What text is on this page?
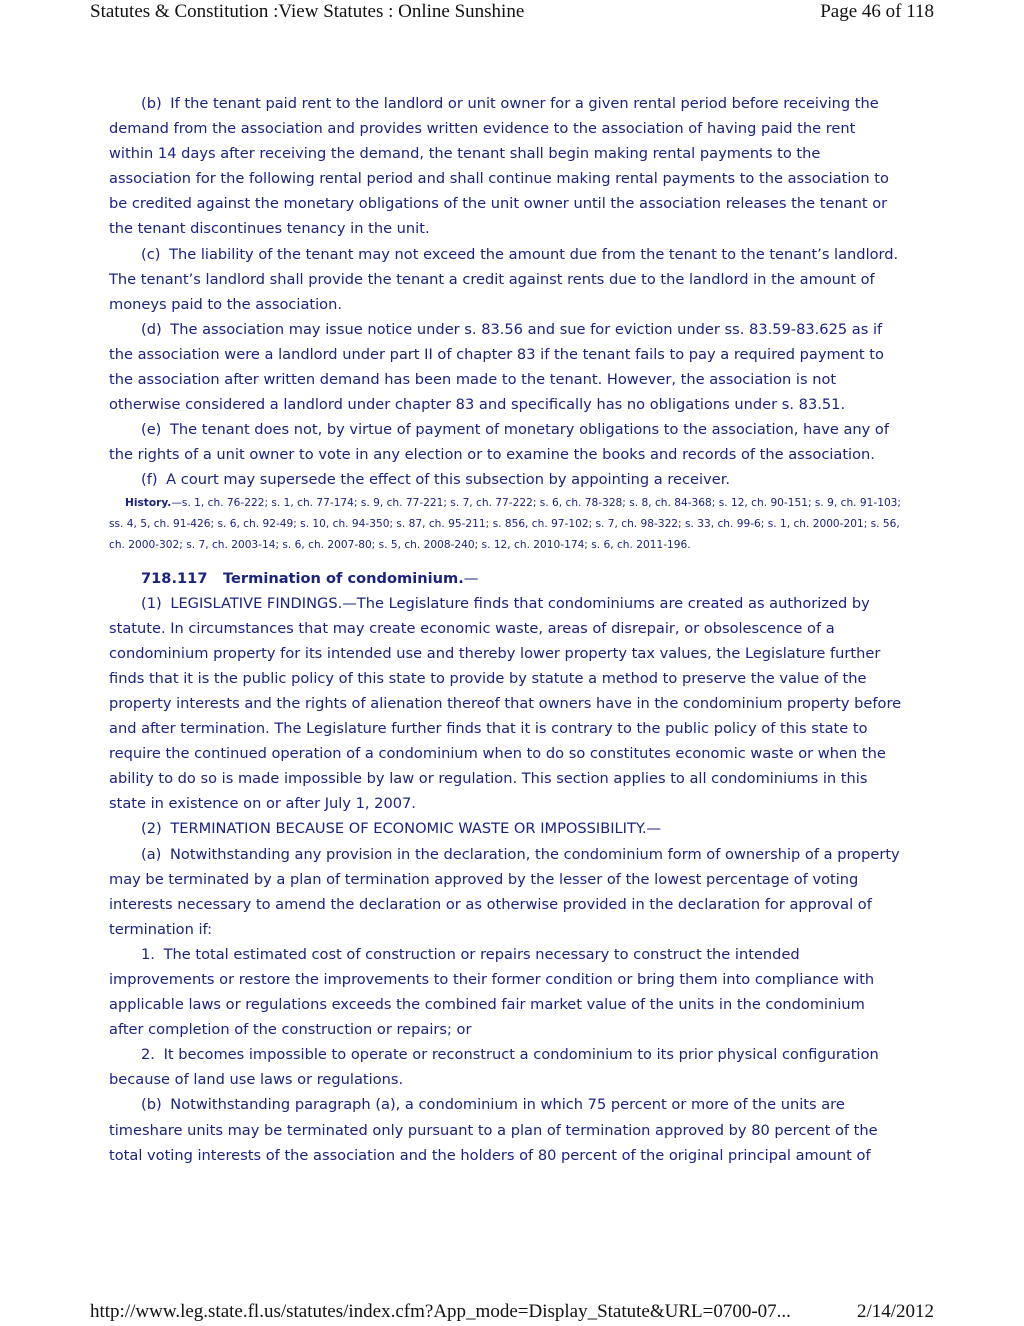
Statutes & Constitution :View Statutes : Online Sunshine	Page 46 of 118

(b) If the tenant paid rent to the landlord or unit owner for a given rental period before receiving the demand from the association and provides written evidence to the association of having paid the rent within 14 days after receiving the demand, the tenant shall begin making rental payments to the association for the following rental period and shall continue making rental payments to the association to be credited against the monetary obligations of the unit owner until the association releases the tenant or the tenant discontinues tenancy in the unit.

(c) The liability of the tenant may not exceed the amount due from the tenant to the tenant’s landlord. The tenant’s landlord shall provide the tenant a credit against rents due to the landlord in the amount of moneys paid to the association.

(d) The association may issue notice under s. 83.56 and sue for eviction under ss. 83.59-83.625 as if the association were a landlord under part II of chapter 83 if the tenant fails to pay a required payment to the association after written demand has been made to the tenant. However, the association is not otherwise considered a landlord under chapter 83 and specifically has no obligations under s. 83.51.

(e) The tenant does not, by virtue of payment of monetary obligations to the association, have any of the rights of a unit owner to vote in any election or to examine the books and records of the association.

(f) A court may supersede the effect of this subsection by appointing a receiver.

History.—s. 1, ch. 76-222; s. 1, ch. 77-174; s. 9, ch. 77-221; s. 7, ch. 77-222; s. 6, ch. 78-328; s. 8, ch. 84-368; s. 12, ch. 90-151; s. 9, ch. 91-103; ss. 4, 5, ch. 91-426; s. 6, ch. 92-49; s. 10, ch. 94-350; s. 87, ch. 95-211; s. 856, ch. 97-102; s. 7, ch. 98-322; s. 33, ch. 99-6; s. 1, ch. 2000-201; s. 56, ch. 2000-302; s. 7, ch. 2003-14; s. 6, ch. 2007-80; s. 5, ch. 2008-240; s. 12, ch. 2010-174; s. 6, ch. 2011-196.

718.117 Termination of condominium.—

(1) LEGISLATIVE FINDINGS.—The Legislature finds that condominiums are created as authorized by statute. In circumstances that may create economic waste, areas of disrepair, or obsolescence of a condominium property for its intended use and thereby lower property tax values, the Legislature further finds that it is the public policy of this state to provide by statute a method to preserve the value of the property interests and the rights of alienation thereof that owners have in the condominium property before and after termination. The Legislature further finds that it is contrary to the public policy of this state to require the continued operation of a condominium when to do so constitutes economic waste or when the ability to do so is made impossible by law or regulation. This section applies to all condominiums in this state in existence on or after July 1, 2007.

(2) TERMINATION BECAUSE OF ECONOMIC WASTE OR IMPOSSIBILITY.—

(a) Notwithstanding any provision in the declaration, the condominium form of ownership of a property may be terminated by a plan of termination approved by the lesser of the lowest percentage of voting interests necessary to amend the declaration or as otherwise provided in the declaration for approval of termination if:

1. The total estimated cost of construction or repairs necessary to construct the intended improvements or restore the improvements to their former condition or bring them into compliance with applicable laws or regulations exceeds the combined fair market value of the units in the condominium after completion of the construction or repairs; or

2. It becomes impossible to operate or reconstruct a condominium to its prior physical configuration because of land use laws or regulations.

(b) Notwithstanding paragraph (a), a condominium in which 75 percent or more of the units are timeshare units may be terminated only pursuant to a plan of termination approved by 80 percent of the total voting interests of the association and the holders of 80 percent of the original principal amount of

http://www.leg.state.fl.us/statutes/index.cfm?App_mode=Display_Statute&URL=0700-07...	2/14/2012
